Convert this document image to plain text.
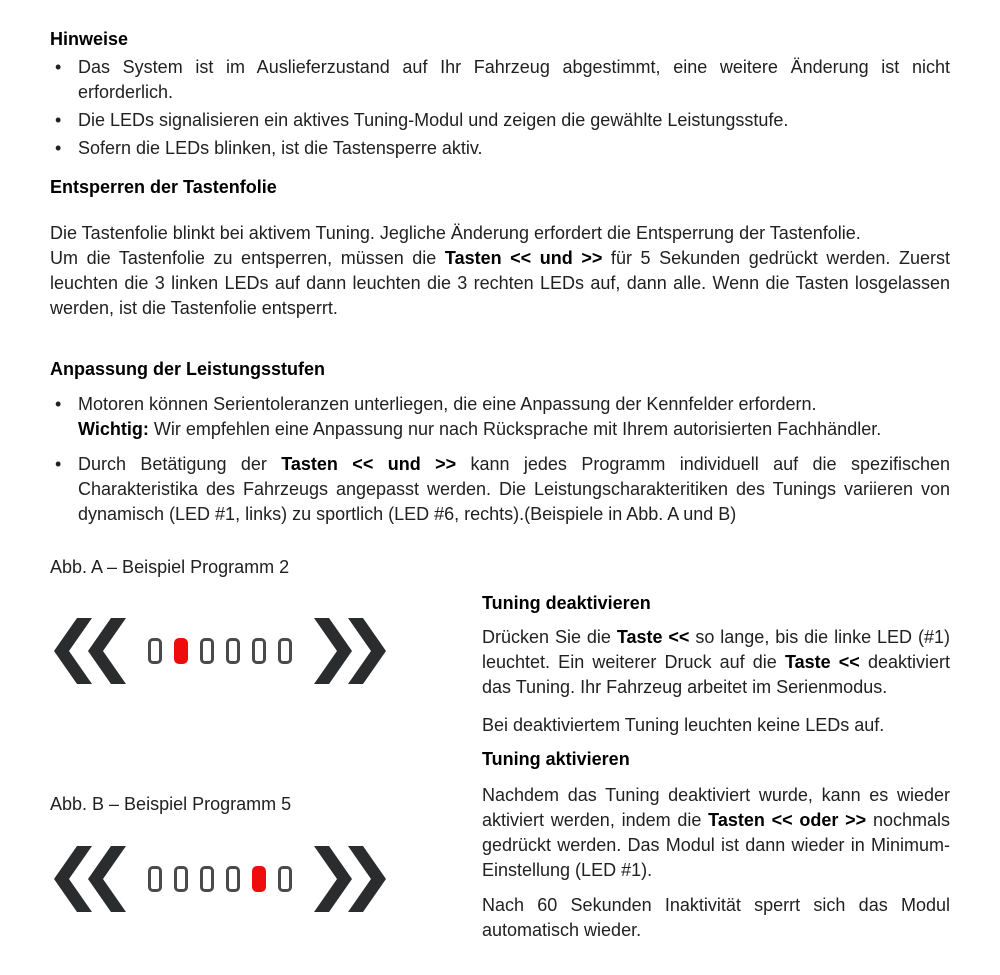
Hinweise
• Das System ist im Auslieferzustand auf Ihr Fahrzeug abgestimmt, eine weitere Änderung ist nicht erforderlich.
• Die LEDs signalisieren ein aktives Tuning-Modul und zeigen die gewählte Leistungsstufe.
• Sofern die LEDs blinken, ist die Tastensperre aktiv.
Entsperren der Tastenfolie
Die Tastenfolie blinkt bei aktivem Tuning. Jegliche Änderung erfordert die Entsperrung der Tastenfolie.
Um die Tastenfolie zu entsperren, müssen die Tasten << und >> für 5 Sekunden gedrückt werden. Zuerst leuchten die 3 linken LEDs auf dann leuchten die 3 rechten LEDs auf, dann alle. Wenn die Tasten losgelassen werden, ist die Tastenfolie entsperrt.
Anpassung der Leistungsstufen
• Motoren können Serientoleranzen unterliegen, die eine Anpassung der Kennfelder erfordern.
Wichtig: Wir empfehlen eine Anpassung nur nach Rücksprache mit Ihrem autorisierten Fachhändler.
• Durch Betätigung der Tasten << und >> kann jedes Programm individuell auf die spezifischen Charakteristika des Fahrzeugs angepasst werden. Die Leistungscharakteritiken des Tunings variieren von dynamisch (LED #1, links) zu sportlich (LED #6, rechts).(Beispiele in Abb. A und B)
Abb. A – Beispiel Programm 2
Abb. B – Beispiel Programm 5
Tuning deaktivieren
Drücken Sie die Taste << so lange, bis die linke LED (#1) leuchtet. Ein weiterer Druck auf die Taste << deaktiviert das Tuning. Ihr Fahrzeug arbeitet im Serienmodus.
Bei deaktiviertem Tuning leuchten keine LEDs auf.
Tuning aktivieren
Nachdem das Tuning deaktiviert wurde, kann es wieder aktiviert werden, indem die Tasten << oder >> nochmals gedrückt werden. Das Modul ist dann wieder in Minimum-Einstellung (LED #1).
Nach 60 Sekunden Inaktivität sperrt sich das Modul automatisch wieder.
